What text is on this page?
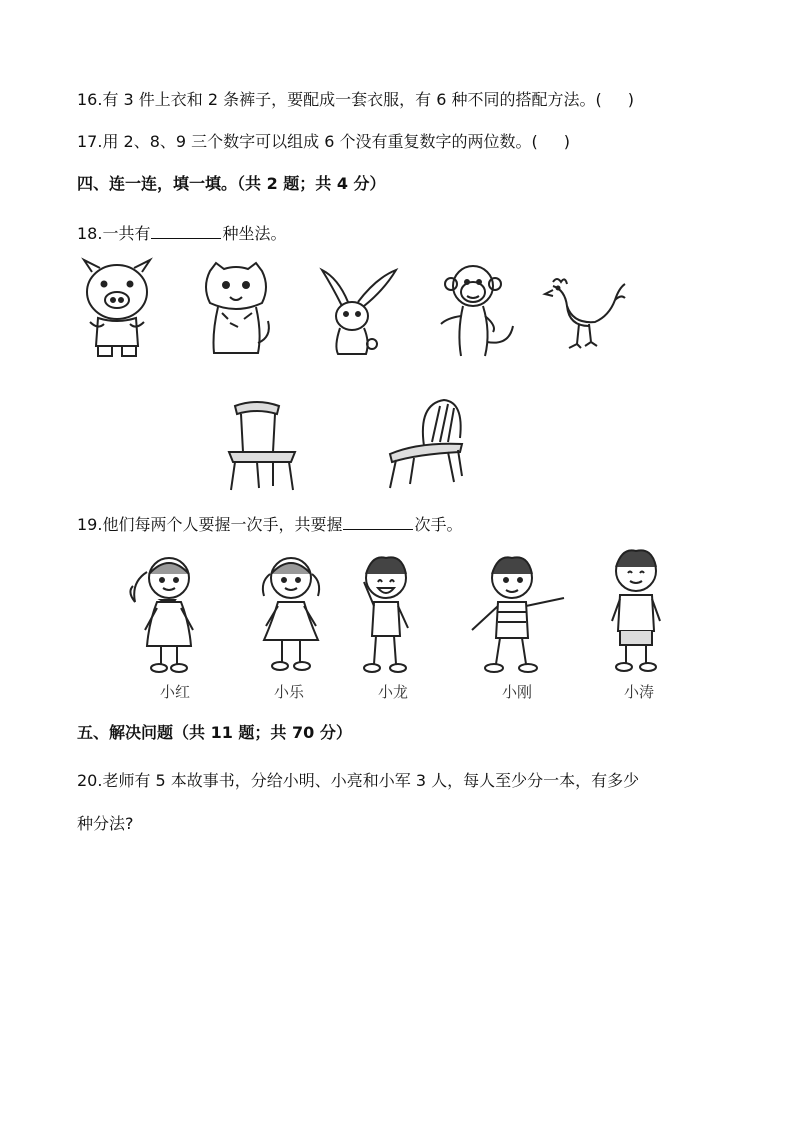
16.有 3 件上衣和 2 条裤子，要配成一套衣服，有 6 种不同的搭配方法。( )
17.用 2、8、9 三个数字可以组成 6 个没有重复数字的两位数。( )
四、连一连，填一填。（共 2 题；共 4 分）
18.一共有	种坐法。
19.他们每两个人要握一次手，共要握	次手。
小红	小乐	小龙	小刚	小涛
五、解决问题（共 11 题；共 70 分）
20.老师有 5 本故事书，分给小明、小亮和小军 3 人，每人至少分一本，有多少
种分法?
